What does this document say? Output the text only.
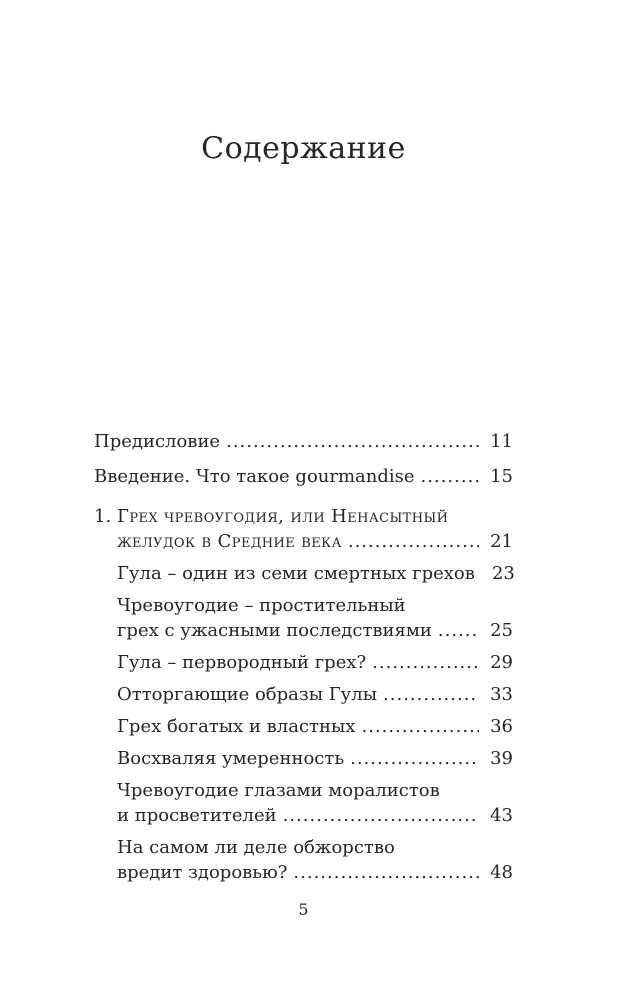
Содержание
Предисловие .....	11
Введение. Что такое gourmandise .....	15
1. Грех чревоугодия, или Ненасытный
желудок в Средние века .....	21
Гула – один из семи смертных грехов 23
Чревоугодие – простительный
грех с ужасными последствиями .....	25
Гула – первородный грех? .....	29
Отторгающие образы Гулы .....	33
Грех богатых и властных .....	36
Восхваляя умеренность .....	39
Чревоугодие глазами моралистов
и просветителей .....	43
На самом ли деле обжорство
вредит здоровью? .....	48
5
